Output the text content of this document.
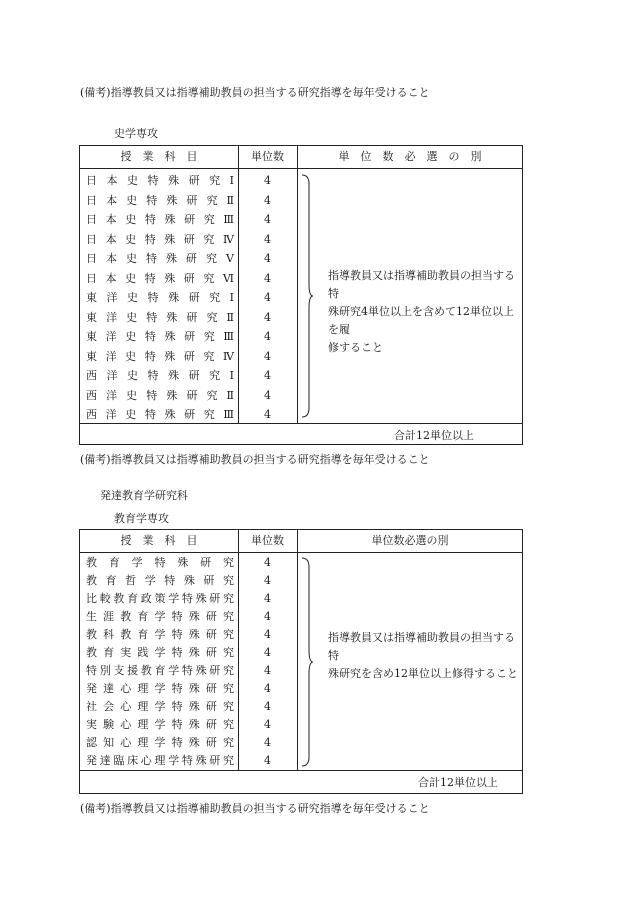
(備考)指導教員又は指導補助教員の担当する研究指導を毎年受けること
史学専攻
授　業　科　目	単位数	単　位　数　必　選　の　別
日本史特殊研究Ⅰ	4
日本史特殊研究Ⅱ	4
日本史特殊研究Ⅲ	4
日本史特殊研究Ⅳ	4
日本史特殊研究Ⅴ	4
日本史特殊研究Ⅵ	4
東洋史特殊研究Ⅰ	4
東洋史特殊研究Ⅱ	4
東洋史特殊研究Ⅲ	4
東洋史特殊研究Ⅳ	4
西洋史特殊研究Ⅰ	4
西洋史特殊研究Ⅱ	4
西洋史特殊研究Ⅲ	4
指導教員又は指導補助教員の担当する特
殊研究4単位以上を含めて12単位以上を履
修すること
合計12単位以上
(備考)指導教員又は指導補助教員の担当する研究指導を毎年受けること
発達教育学研究科
教育学専攻
授　業　科　目	単位数	単位数必選の別
教育学特殊研究	4
教育哲学特殊研究	4
比較教育政策学特殊研究	4
生涯教育学特殊研究	4
教科教育学特殊研究	4
教育実践学特殊研究	4
特別支援教育学特殊研究	4
発達心理学特殊研究	4
社会心理学特殊研究	4
実験心理学特殊研究	4
認知心理学特殊研究	4
発達臨床心理学特殊研究	4
指導教員又は指導補助教員の担当する特
殊研究を含め12単位以上修得すること
合計12単位以上
(備考)指導教員又は指導補助教員の担当する研究指導を毎年受けること
